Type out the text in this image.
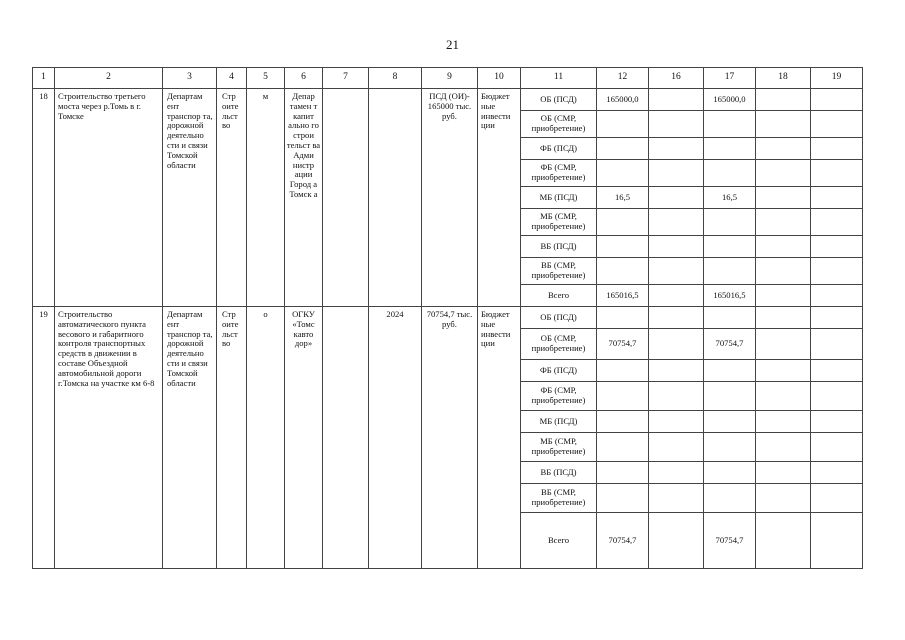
21
1	2	3	4	5	6	7	8	9	10	11	12	16	17	18	19
18	Строительство третьего моста через р.Томь в г. Томске	Департам ент транспор та, дорожной деятельно сти и связи Томской области	Стр оите льст во	м	Депар тамен т капит ально го строи тельст ва Адми нистр ации Город а Томск а			ПСД (ОИ)- 165000 тыс. руб.	Бюджет ные инвести ции	ОБ (ПСД)	165000,0		165000,0		
										ОБ (СМР, приобретение)					
										ФБ (ПСД)					
										ФБ (СМР, приобретение)					
										МБ (ПСД)	16,5		16,5		
										МБ (СМР, приобретение)					
										ВБ (ПСД)					
										ВБ (СМР, приобретение)					
										Всего	165016,5		165016,5		
19	Строительство автоматического пункта весового и габаритного контроля транспортных средств в движении в составе Объездной автомобильной дороги г.Томска на участке км 6-8	Департам ент транспор та, дорожной деятельно сти и связи Томской области	Стр оите льст во	о	ОГКУ «Томс кавто дор»		2024	70754,7 тыс. руб.	Бюджет ные инвести ции	ОБ (ПСД)					
										ОБ (СМР, приобретение)	70754,7		70754,7		
										ФБ (ПСД)					
										ФБ (СМР, приобретение)					
										МБ (ПСД)					
										МБ (СМР, приобретение)					
										ВБ (ПСД)					
										ВБ (СМР, приобретение)					
										Всего	70754,7		70754,7		
